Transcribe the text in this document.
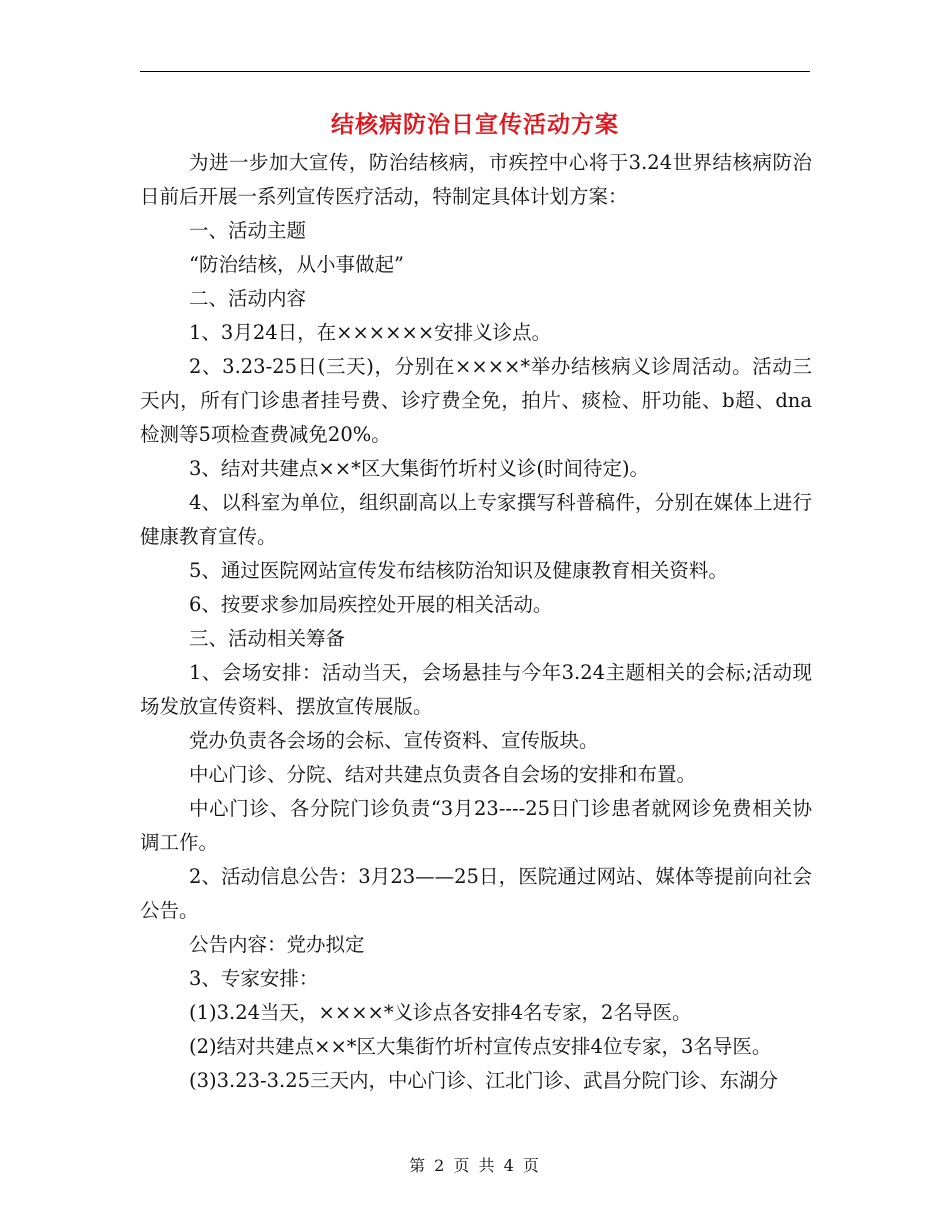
结核病防治日宣传活动方案

为进一步加大宣传，防治结核病，市疾控中心将于3.24世界结核病防治日前后开展一系列宣传医疗活动，特制定具体计划方案：

一、活动主题

“防治结核，从小事做起”

二、活动内容

1、3月24日，在××××××安排义诊点。

2、3.23-25日(三天)，分别在××××*举办结核病义诊周活动。活动三天内，所有门诊患者挂号费、诊疗费全免，拍片、痰检、肝功能、b超、dna检测等5项检查费减免20%。

3、结对共建点××*区大集街竹圻村义诊(时间待定)。

4、以科室为单位，组织副高以上专家撰写科普稿件，分别在媒体上进行健康教育宣传。

5、通过医院网站宣传发布结核防治知识及健康教育相关资料。

6、按要求参加局疾控处开展的相关活动。

三、活动相关筹备

1、会场安排：活动当天，会场悬挂与今年3.24主题相关的会标;活动现场发放宣传资料、摆放宣传展版。

党办负责各会场的会标、宣传资料、宣传版块。

中心门诊、分院、结对共建点负责各自会场的安排和布置。

中心门诊、各分院门诊负责“3月23----25日门诊患者就网诊免费相关协调工作。

2、活动信息公告：3月23——25日，医院通过网站、媒体等提前向社会公告。

公告内容：党办拟定

3、专家安排：

(1)3.24当天，××××*义诊点各安排4名专家，2名导医。

(2)结对共建点××*区大集街竹圻村宣传点安排4位专家，3名导医。

(3)3.23-3.25三天内，中心门诊、江北门诊、武昌分院门诊、东湖分

第 2 页 共 4 页
